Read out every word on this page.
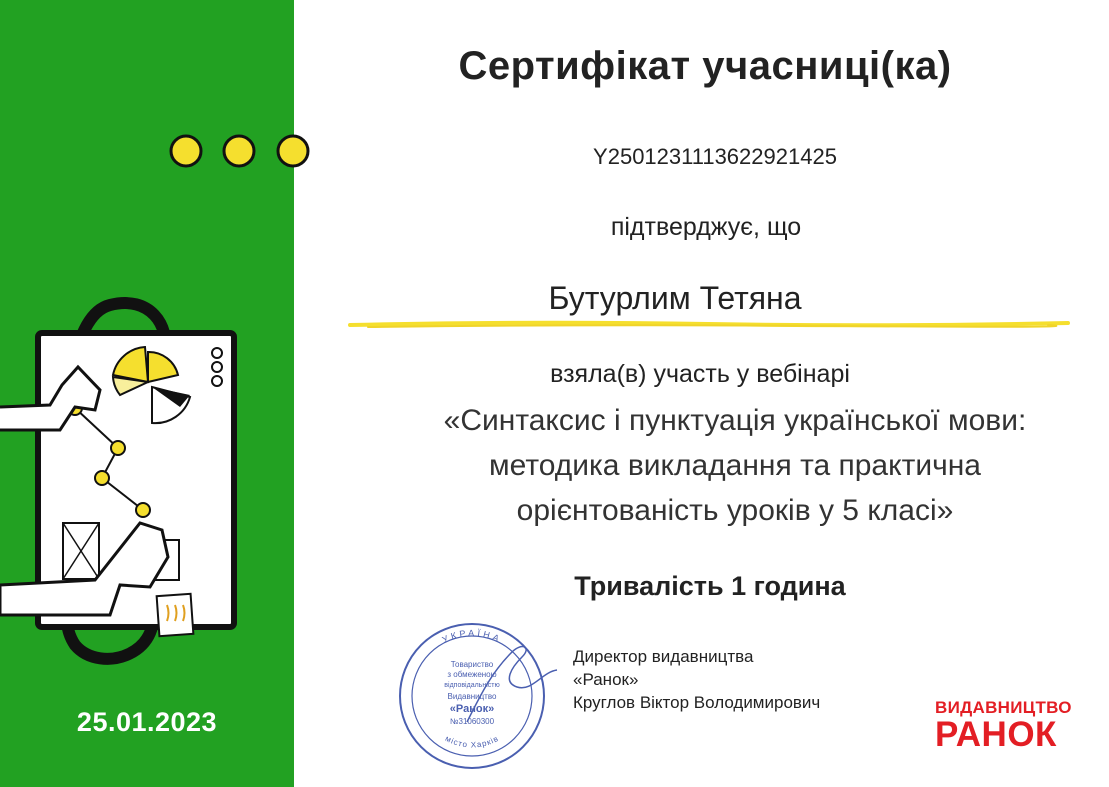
25.01.2023
Сертифікат учасниці(ка)
Y2501231113622921425
підтверджує, що
Бутурлим Тетяна
взяла(в) участь у вебінарі
«Синтаксис і пунктуація української мови:
методика викладання та практична
орієнтованість уроків у 5 класі»
Тривалість 1 година
УКРАЇНА
місто Харків
Товариство
з обмеженою
відповідальністю
Видавництво
«Ранок»
№31060300
Директор видавництва
«Ранок»
Круглов Віктор Володимирович	ВИДАВНИЦТВО
РАНОК
